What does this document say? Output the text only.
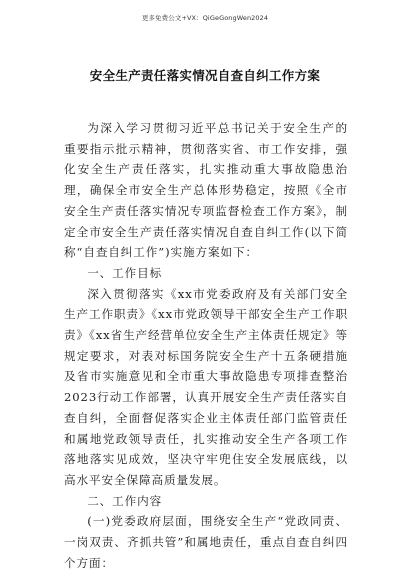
更多免费公文+VX：QiGeGongWen2024
安全生产责任落实情况自查自纠工作方案

为深入学习贯彻习近平总书记关于安全生产的重要指示批示精神，贯彻落实省、市工作安排，强化安全生产责任落实，扎实推动重大事故隐患治理，确保全市安全生产总体形势稳定，按照《全市安全生产责任落实情况专项监督检查工作方案》，制定全市安全生产责任落实情况自查自纠工作(以下简称“自查自纠工作”)实施方案如下：

一、工作目标

深入贯彻落实《xx市党委政府及有关部门安全生产工作职责》《xx市党政领导干部安全生产工作职责》《xx省生产经营单位安全生产主体责任规定》等规定要求，对表对标国务院安全生产十五条硬措施及省市实施意见和全市重大事故隐患专项排查整治2023行动工作部署，认真开展安全生产责任落实自查自纠，全面督促落实企业主体责任部门监管责任和属地党政领导责任，扎实推动安全生产各项工作落地落实见成效，坚决守牢兜住安全发展底线，以高水平安全保障高质量发展。

二、工作内容

(一)党委政府层面，围绕安全生产“党政同责、一岗双责、齐抓共管”和属地责任，重点自查自纠四个方面：
